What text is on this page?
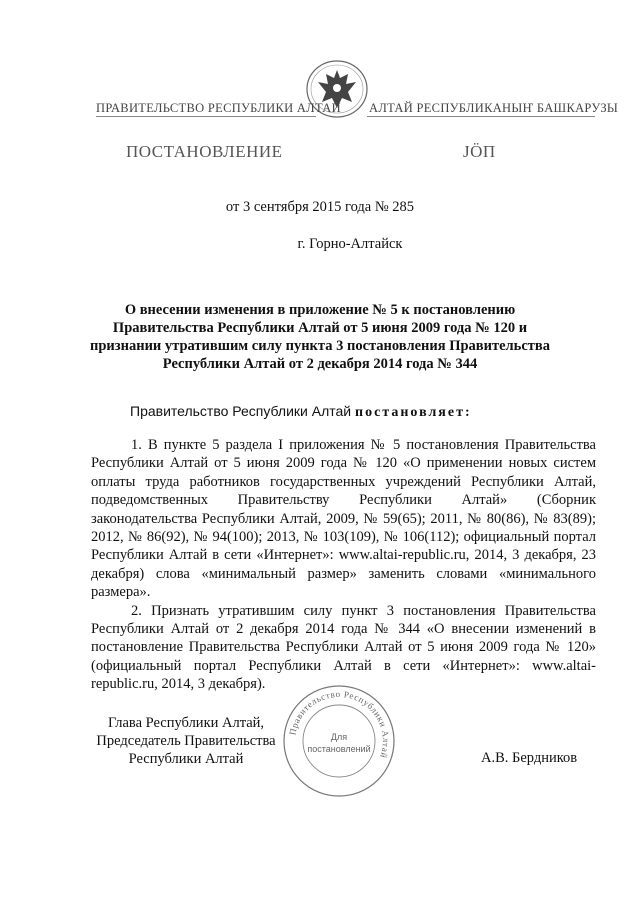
ПРАВИТЕЛЬСТВО РЕСПУБЛИКИ АЛТАЙ АЛТАЙ РЕСПУБЛИКАНЫҤ БАШКАРУЗЫ
ПОСТАНОВЛЕНИЕ	JӦП
от 3 сентября 2015 года № 285
г. Горно-Алтайск
О внесении изменения в приложение № 5 к постановлению
Правительства Республики Алтай от 5 июня 2009 года № 120 и
признании утратившим силу пункта 3 постановления Правительства
Республики Алтай от 2 декабря 2014 года № 344
Правительство Республики Алтай постановляет:

1. В пункте 5 раздела I приложения № 5 постановления Правительства Республики Алтай от 5 июня 2009 года № 120 «О применении новых систем оплаты труда работников государственных учреждений Республики Алтай, подведомственных Правительству Республики Алтай» (Сборник законодательства Республики Алтай, 2009, № 59(65); 2011, № 80(86), № 83(89); 2012, № 86(92), № 94(100); 2013, № 103(109), № 106(112); официальный портал Республики Алтай в сети «Интернет»: www.altai-republic.ru, 2014, 3 декабря, 23 декабря) слова «минимальный размер» заменить словами «минимального размера».

2. Признать утратившим силу пункт 3 постановления Правительства Республики Алтай от 2 декабря 2014 года № 344 «О внесении изменений в постановление Правительства Республики Алтай от 5 июня 2009 года № 120» (официальный портал Республики Алтай в сети «Интернет»: www.altai-republic.ru, 2014, 3 декабря).

Глава Республики Алтай,
Председатель Правительства
Республики Алтай
Правительство Республики Алтай
Для
постановлений
А.В. Бердников
